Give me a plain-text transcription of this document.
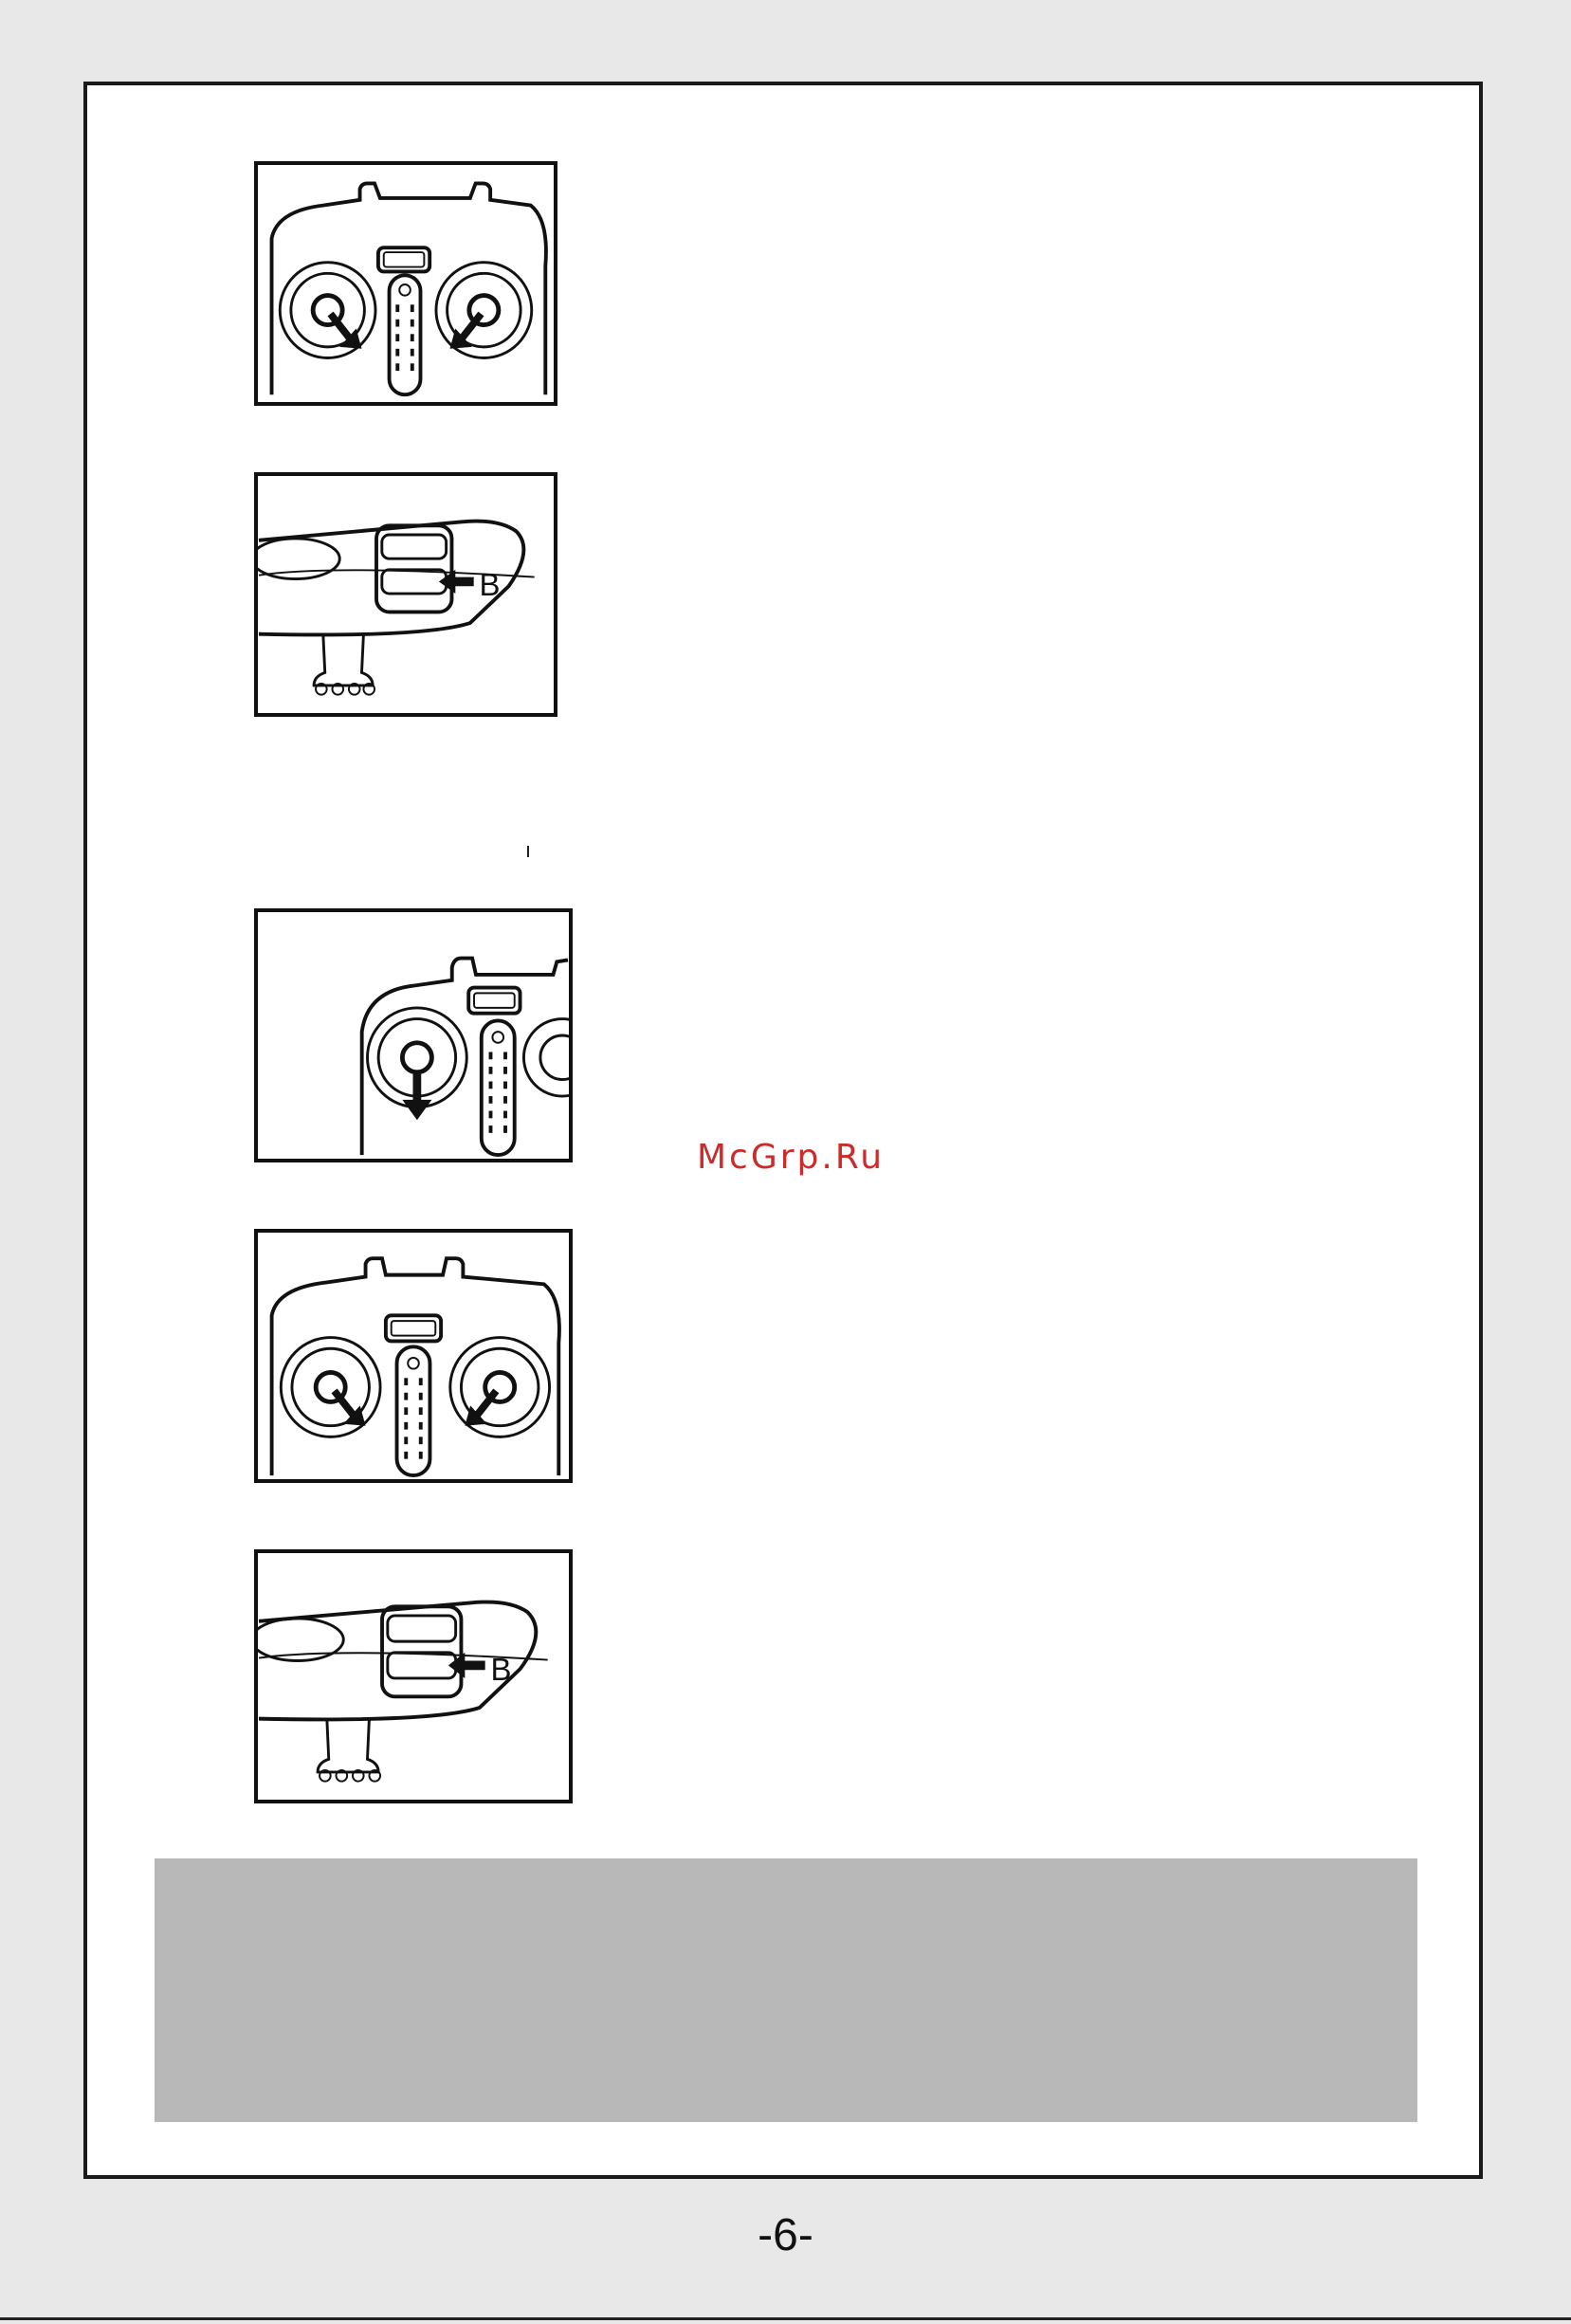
B
B
McGrp.Ru
-6-
